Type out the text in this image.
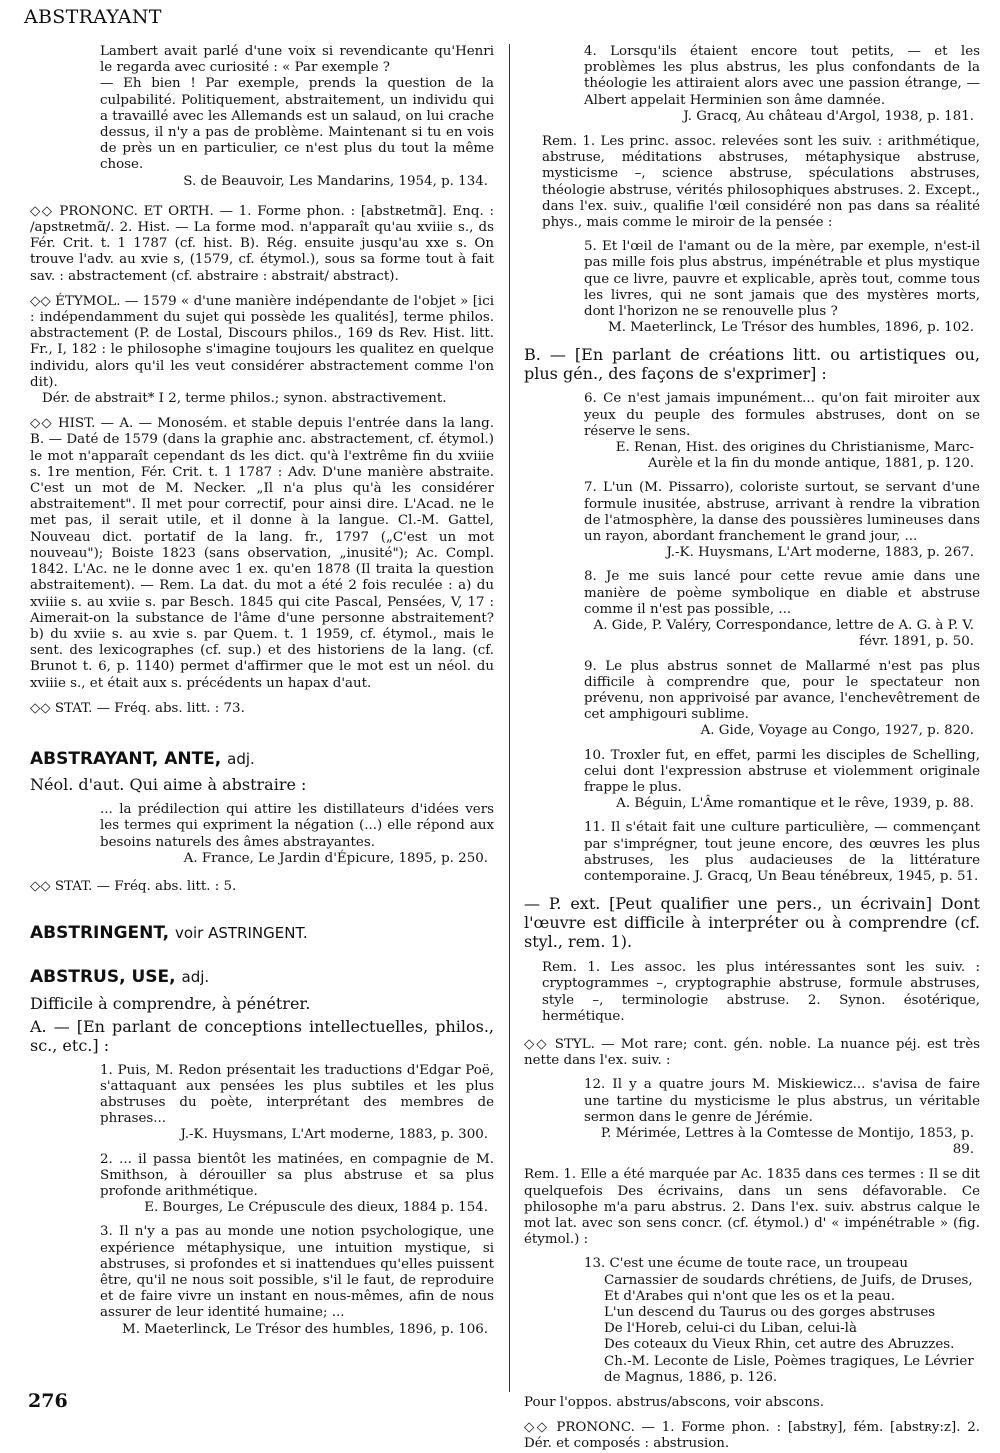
ABSTRAYANT

Lambert avait parlé d'une voix si revendicante qu'Henri le regarda avec curiosité : « Par exemple ?

— Eh bien ! Par exemple, prends la question de la culpabilité. Politiquement, abstraitement, un individu qui a travaillé avec les Allemands est un salaud, on lui crache dessus, il n'y a pas de problème. Maintenant si tu en vois de près un en particulier, ce n'est plus du tout la même chose.

S. de Beauvoir, Les Mandarins, 1954, p. 134.

◇◇ PRONONC. ET ORTH. — 1. Forme phon. : [abstʀetmɑ̃]. Enq. : /apstʀetmɑ̃/. 2. Hist. — La forme mod. n'apparaît qu'au xviiie s., ds Fér. Crit. t. 1 1787 (cf. hist. B). Rég. ensuite jusqu'au xxe s. On trouve l'adv. au xvie s, (1579, cf. étymol.), sous sa forme tout à fait sav. : abstractement (cf. abstraire : abstrait/ abstract).

◇◇ ÉTYMOL. — 1579 « d'une manière indépendante de l'objet » [ici : indépendamment du sujet qui possède les qualités], terme philos. abstractement (P. de Lostal, Discours philos., 169 ds Rev. Hist. litt. Fr., I, 182 : le philosophe s'imagine toujours les qualitez en quelque individu, alors qu'il les veut considérer abstractement comme l'on dit).

Dér. de abstrait* I 2, terme philos.; synon. abstractivement.

◇◇ HIST. — A. — Monosém. et stable depuis l'entrée dans la lang. B. — Daté de 1579 (dans la graphie anc. abstractement, cf. étymol.) le mot n'apparaît cependant ds les dict. qu'à l'extrême fin du xviiie s. 1re mention, Fér. Crit. t. 1 1787 : Adv. D'une manière abstraite. C'est un mot de M. Necker. „Il n'a plus qu'à les considérer abstraitement". Il met pour correctif, pour ainsi dire. L'Acad. ne le met pas, il serait utile, et il donne à la langue. Cl.-M. Gattel, Nouveau dict. portatif de la lang. fr., 1797 („C'est un mot nouveau"); Boiste 1823 (sans observation, „inusité"); Ac. Compl. 1842. L'Ac. ne le donne avec 1 ex. qu'en 1878 (Il traita la question abstraitement). — Rem. La dat. du mot a été 2 fois reculée : a) du xviiie s. au xviie s. par Besch. 1845 qui cite Pascal, Pensées, V, 17 : Aimerait-on la substance de l'âme d'une personne abstraitement? b) du xviie s. au xvie s. par Quem. t. 1 1959, cf. étymol., mais le sent. des lexicographes (cf. sup.) et des historiens de la lang. (cf. Brunot t. 6, p. 1140) permet d'affirmer que le mot est un néol. du xviiie s., et était aux s. précédents un hapax d'aut.

◇◇ STAT. — Fréq. abs. litt. : 73.

ABSTRAYANT, ANTE, adj.

Néol. d'aut. Qui aime à abstraire :

... la prédilection qui attire les distillateurs d'idées vers les termes qui expriment la négation (...) elle répond aux besoins naturels des âmes abstrayantes.

A. France, Le Jardin d'Épicure, 1895, p. 250.

◇◇ STAT. — Fréq. abs. litt. : 5.

ABSTRINGENT, voir ASTRINGENT.
ABSTRUS, USE, adj.

Difficile à comprendre, à pénétrer.

A. — [En parlant de conceptions intellectuelles, philos., sc., etc.] :

1. Puis, M. Redon présentait les traductions d'Edgar Poë, s'attaquant aux pensées les plus subtiles et les plus abstruses du poète, interprétant des membres de phrases...

J.-K. Huysmans, L'Art moderne, 1883, p. 300.

2. ... il passa bientôt les matinées, en compagnie de M. Smithson, à dérouiller sa plus abstruse et sa plus profonde arithmétique.

E. Bourges, Le Crépuscule des dieux, 1884 p. 154.

3. Il n'y a pas au monde une notion psychologique, une expérience métaphysique, une intuition mystique, si abstruses, si profondes et si inattendues qu'elles puissent être, qu'il ne nous soit possible, s'il le faut, de reproduire et de faire vivre un instant en nous-mêmes, afin de nous assurer de leur identité humaine; ...

M. Maeterlinck, Le Trésor des humbles, 1896, p. 106.

4. Lorsqu'ils étaient encore tout petits, — et les problèmes les plus abstrus, les plus confondants de la théologie les attiraient alors avec une passion étrange, — Albert appelait Herminien son âme damnée.

J. Gracq, Au château d'Argol, 1938, p. 181.

Rem. 1. Les princ. assoc. relevées sont les suiv. : arithmétique, abstruse, méditations abstruses, métaphysique abstruse, mysticisme –, science abstruse, spéculations abstruses, théologie abstruse, vérités philosophiques abstruses. 2. Except., dans l'ex. suiv., qualifie l'œil considéré non pas dans sa réalité phys., mais comme le miroir de la pensée :

5. Et l'œil de l'amant ou de la mère, par exemple, n'est-il pas mille fois plus abstrus, impénétrable et plus mystique que ce livre, pauvre et explicable, après tout, comme tous les livres, qui ne sont jamais que des mystères morts, dont l'horizon ne se renouvelle plus ?

M. Maeterlinck, Le Trésor des humbles, 1896, p. 102.

B. — [En parlant de créations litt. ou artistiques ou, plus gén., des façons de s'exprimer] :

6. Ce n'est jamais impunément... qu'on fait miroiter aux yeux du peuple des formules abstruses, dont on se réserve le sens.

E. Renan, Hist. des origines du Christianisme, Marc-Aurèle et la fin du monde antique, 1881, p. 120.

7. L'un (M. Pissarro), coloriste surtout, se servant d'une formule inusitée, abstruse, arrivant à rendre la vibration de l'atmosphère, la danse des poussières lumineuses dans un rayon, abordant franchement le grand jour, ...

J.-K. Huysmans, L'Art moderne, 1883, p. 267.

8. Je me suis lancé pour cette revue amie dans une manière de poème symbolique en diable et abstruse comme il n'est pas possible, ...

A. Gide, P. Valéry, Correspondance, lettre de A. G. à P. V. févr. 1891, p. 50.

9. Le plus abstrus sonnet de Mallarmé n'est pas plus difficile à comprendre que, pour le spectateur non prévenu, non apprivoisé par avance, l'enchevêtrement de cet amphigouri sublime.

A. Gide, Voyage au Congo, 1927, p. 820.

10. Troxler fut, en effet, parmi les disciples de Schelling, celui dont l'expression abstruse et violemment originale frappe le plus.

A. Béguin, L'Âme romantique et le rêve, 1939, p. 88.

11. Il s'était fait une culture particulière, — commençant par s'imprégner, tout jeune encore, des œuvres les plus abstruses, les plus audacieuses de la littérature contemporaine. J. Gracq, Un Beau ténébreux, 1945, p. 51.

— P. ext. [Peut qualifier une pers., un écrivain] Dont l'œuvre est difficile à interpréter ou à comprendre (cf. styl., rem. 1).

Rem. 1. Les assoc. les plus intéressantes sont les suiv. : cryptogrammes –, cryptographie abstruse, formule abstruses, style –, terminologie abstruse. 2. Synon. ésotérique, hermétique.

◇◇ STYL. — Mot rare; cont. gén. noble. La nuance péj. est très nette dans l'ex. suiv. :

12. Il y a quatre jours M. Miskiewicz... s'avisa de faire une tartine du mysticisme le plus abstrus, un véritable sermon dans le genre de Jérémie.

P. Mérimée, Lettres à la Comtesse de Montijo, 1853, p. 89.

Rem. 1. Elle a été marquée par Ac. 1835 dans ces termes : Il se dit quelquefois Des écrivains, dans un sens défavorable. Ce philosophe m'a paru abstrus. 2. Dans l'ex. suiv. abstrus calque le mot lat. avec son sens concr. (cf. étymol.) d' « impénétrable » (fig. étymol.) :

13. C'est une écume de toute race, un troupeau

Carnassier de soudards chrétiens, de Juifs, de Druses,

Et d'Arabes qui n'ont que les os et la peau.

L'un descend du Taurus ou des gorges abstruses

De l'Horeb, celui-ci du Liban, celui-là

Des coteaux du Vieux Rhin, cet autre des Abruzzes.

Ch.-M. Leconte de Lisle, Poèmes tragiques, Le Lévrier de Magnus, 1886, p. 126.

Pour l'oppos. abstrus/abscons, voir abscons.

◇◇ PRONONC. — 1. Forme phon. : [abstʀy], fém. [abstʀy:z]. 2. Dér. et composés : abstrusion.

276
